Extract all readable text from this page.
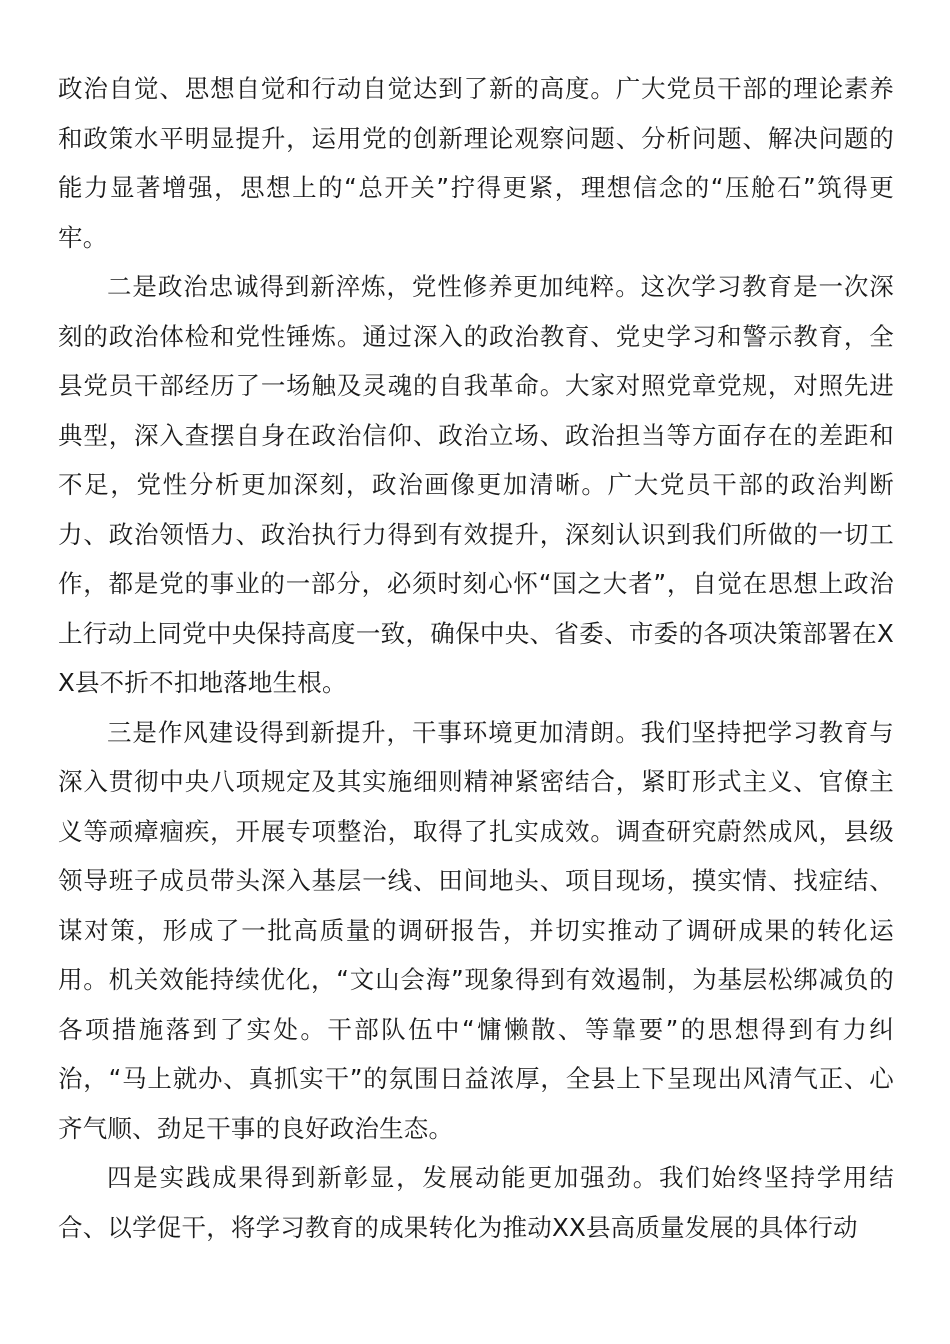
政治自觉、思想自觉和行动自觉达到了新的高度。广大党员干部的理论素养和政策水平明显提升，运用党的创新理论观察问题、分析问题、解决问题的能力显著增强，思想上的“总开关”拧得更紧，理想信念的“压舱石”筑得更牢。

二是政治忠诚得到新淬炼，党性修养更加纯粹。这次学习教育是一次深刻的政治体检和党性锤炼。通过深入的政治教育、党史学习和警示教育，全县党员干部经历了一场触及灵魂的自我革命。大家对照党章党规，对照先进典型，深入查摆自身在政治信仰、政治立场、政治担当等方面存在的差距和不足，党性分析更加深刻，政治画像更加清晰。广大党员干部的政治判断力、政治领悟力、政治执行力得到有效提升，深刻认识到我们所做的一切工作，都是党的事业的一部分，必须时刻心怀“国之大者”，自觉在思想上政治上行动上同党中央保持高度一致，确保中央、省委、市委的各项决策部署在XX县不折不扣地落地生根。

三是作风建设得到新提升，干事环境更加清朗。我们坚持把学习教育与深入贯彻中央八项规定及其实施细则精神紧密结合，紧盯形式主义、官僚主义等顽瘴痼疾，开展专项整治，取得了扎实成效。调查研究蔚然成风，县级领导班子成员带头深入基层一线、田间地头、项目现场，摸实情、找症结、谋对策，形成了一批高质量的调研报告，并切实推动了调研成果的转化运用。机关效能持续优化，“文山会海”现象得到有效遏制，为基层松绑减负的各项措施落到了实处。干部队伍中“慵懒散、等靠要”的思想得到有力纠治，“马上就办、真抓实干”的氛围日益浓厚，全县上下呈现出风清气正、心齐气顺、劲足干事的良好政治生态。

四是实践成果得到新彰显，发展动能更加强劲。我们始终坚持学用结合、以学促干，将学习教育的成果转化为推动XX县高质量发展的具体行动
